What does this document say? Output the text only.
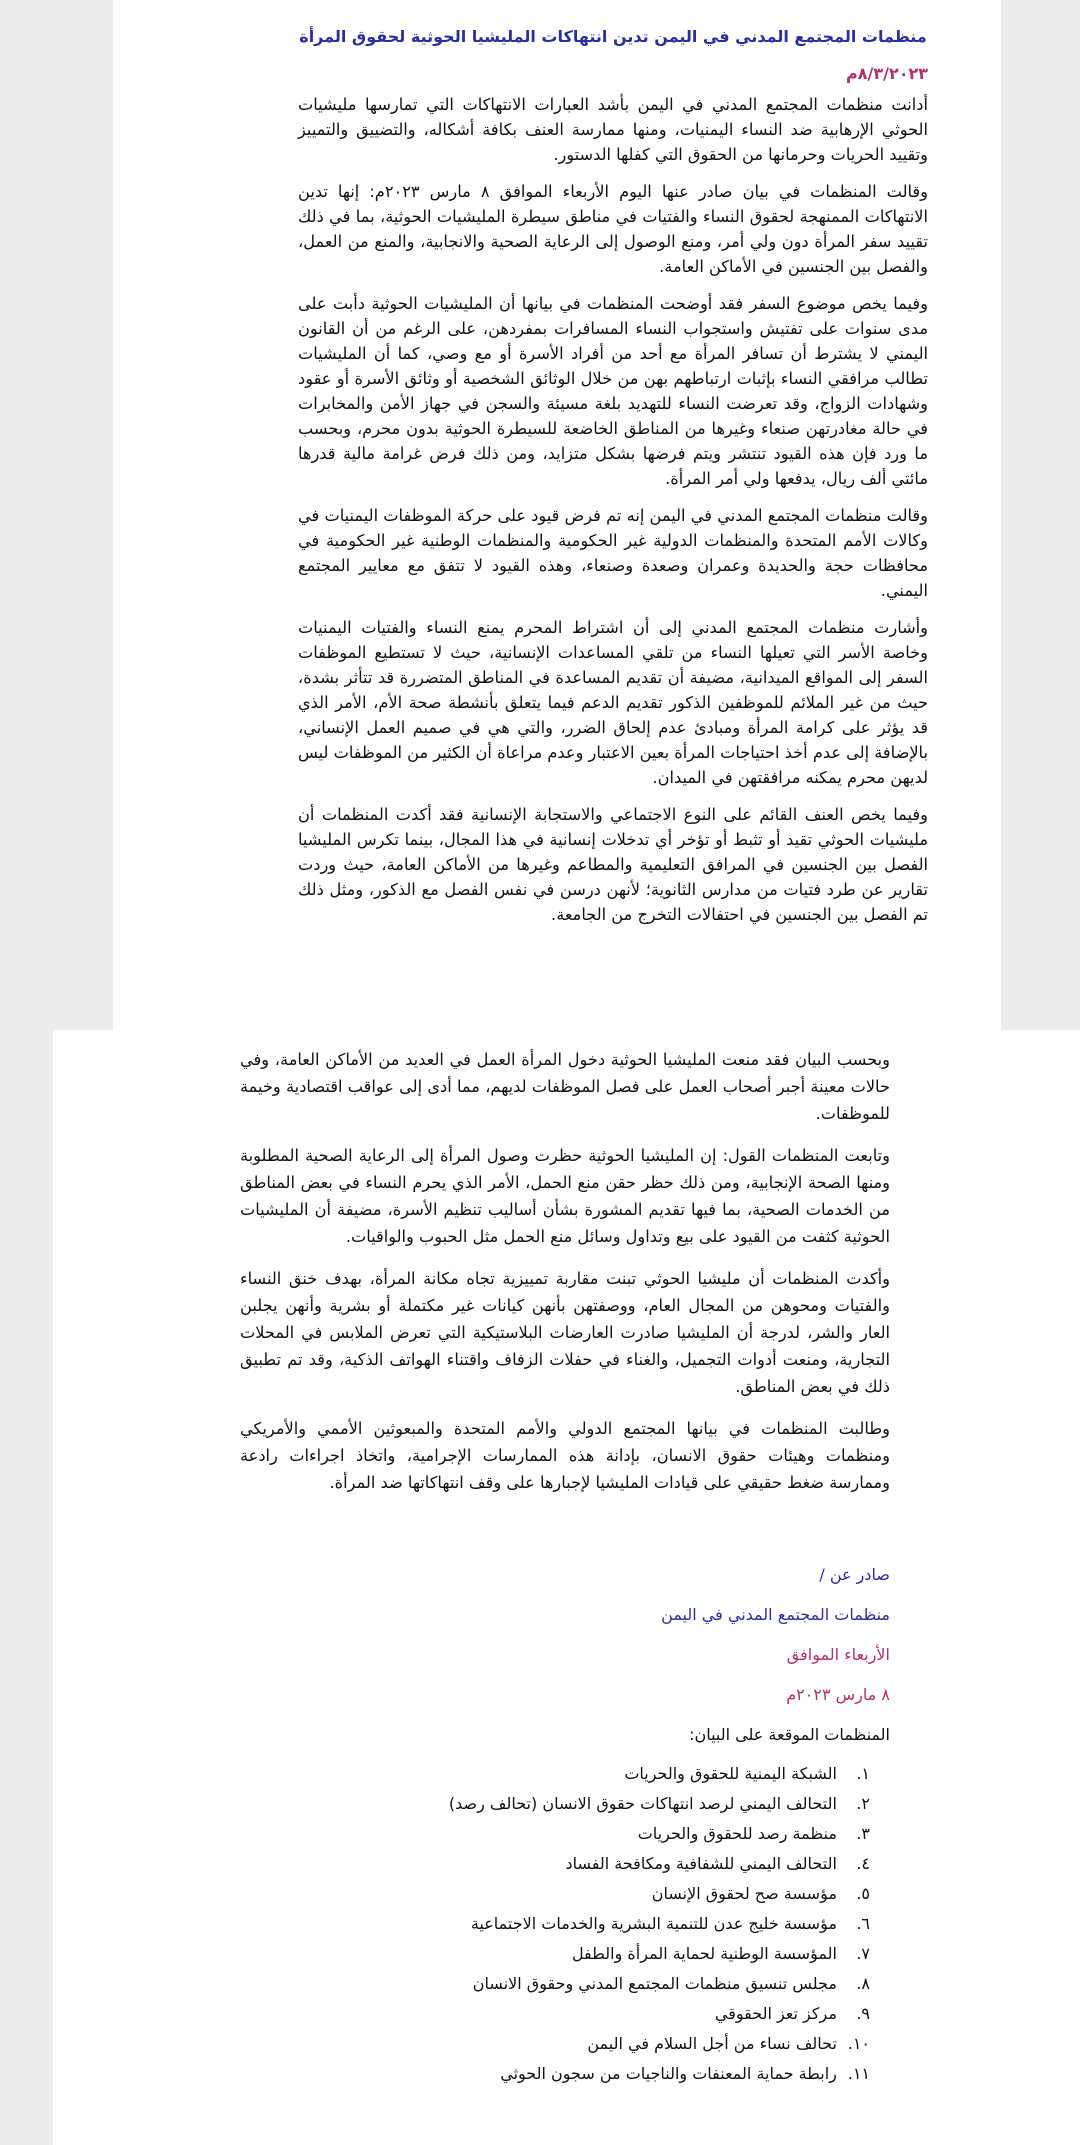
منظمات المجتمع المدني في اليمن تدين انتهاكات المليشيا الحوثية لحقوق المرأة
٨/٣/٢٠٢٣م

أدانت منظمات المجتمع المدني في اليمن بأشد العبارات الانتهاكات التي تمارسها مليشيات الحوثي الإرهابية ضد النساء اليمنيات، ومنها ممارسة العنف بكافة أشكاله، والتضييق والتمييز وتقييد الحريات وحرمانها من الحقوق التي كفلها الدستور.

وقالت المنظمات في بيان صادر عنها اليوم الأربعاء الموافق ٨ مارس ٢٠٢٣م: إنها تدين الانتهاكات الممنهجة لحقوق النساء والفتيات في مناطق سيطرة المليشيات الحوثية، بما في ذلك تقييد سفر المرأة دون ولي أمر، ومنع الوصول إلى الرعاية الصحية والانجابية، والمنع من العمل، والفصل بين الجنسين في الأماكن العامة.

وفيما يخص موضوع السفر فقد أوضحت المنظمات في بيانها أن المليشيات الحوثية دأبت على مدى سنوات على تفتيش واستجواب النساء المسافرات بمفردهن، على الرغم من أن القانون اليمني لا يشترط أن تسافر المرأة مع أحد من أفراد الأسرة أو مع وصي، كما أن المليشيات تطالب مرافقي النساء بإثبات ارتباطهم بهن من خلال الوثائق الشخصية أو وثائق الأسرة أو عقود وشهادات الزواج، وقد تعرضت النساء للتهديد بلغة مسيئة والسجن في جهاز الأمن والمخابرات في حالة مغادرتهن صنعاء وغيرها من المناطق الخاضعة للسيطرة الحوثية بدون محرم، وبحسب ما ورد فإن هذه القيود تنتشر ويتم فرضها بشكل متزايد، ومن ذلك فرض غرامة مالية قدرها مائتي ألف ريال، يدفعها ولي أمر المرأة.

وقالت منظمات المجتمع المدني في اليمن إنه تم فرض قيود على حركة الموظفات اليمنيات في وكالات الأمم المتحدة والمنظمات الدولية غير الحكومية والمنظمات الوطنية غير الحكومية في محافظات حجة والحديدة وعمران وصعدة وصنعاء، وهذه القيود لا تتفق مع معايير المجتمع اليمني.

وأشارت منظمات المجتمع المدني إلى أن اشتراط المحرم يمنع النساء والفتيات اليمنيات وخاصة الأسر التي تعيلها النساء من تلقي المساعدات الإنسانية، حيث لا تستطيع الموظفات السفر إلى المواقع الميدانية، مضيفة أن تقديم المساعدة في المناطق المتضررة قد تتأثر بشدة، حيث من غير الملائم للموظفين الذكور تقديم الدعم فيما يتعلق بأنشطة صحة الأم، الأمر الذي قد يؤثر على كرامة المرأة ومبادئ عدم إلحاق الضرر، والتي هي في صميم العمل الإنساني، بالإضافة إلى عدم أخذ احتياجات المرأة بعين الاعتبار وعدم مراعاة أن الكثير من الموظفات ليس لديهن محرم يمكنه مرافقتهن في الميدان.

وفيما يخص العنف القائم على النوع الاجتماعي والاستجابة الإنسانية فقد أكدت المنظمات أن مليشيات الحوثي تقيد أو تثبط أو تؤخر أي تدخلات إنسانية في هذا المجال، بينما تكرس المليشيا الفصل بين الجنسين في المرافق التعليمية والمطاعم وغيرها من الأماكن العامة، حيث وردت تقارير عن طرد فتيات من مدارس الثانوية؛ لأنهن درسن في نفس الفصل مع الذكور، ومثل ذلك تم الفصل بين الجنسين في احتفالات التخرج من الجامعة.

وبحسب البيان فقد منعت المليشيا الحوثية دخول المرأة العمل في العديد من الأماكن العامة، وفي حالات معينة أجبر أصحاب العمل على فصل الموظفات لديهم، مما أدى إلى عواقب اقتصادية وخيمة للموظفات.

وتابعت المنظمات القول: إن المليشيا الحوثية حظرت وصول المرأة إلى الرعاية الصحية المطلوبة ومنها الصحة الإنجابية، ومن ذلك حظر حقن منع الحمل، الأمر الذي يحرم النساء في بعض المناطق من الخدمات الصحية، بما فيها تقديم المشورة بشأن أساليب تنظيم الأسرة، مضيفة أن المليشيات الحوثية كثفت من القيود على بيع وتداول وسائل منع الحمل مثل الحبوب والواقيات.

وأكدت المنظمات أن مليشيا الحوثي تبنت مقاربة تمييزية تجاه مكانة المرأة، بهدف خنق النساء والفتيات ومحوهن من المجال العام، ووصفتهن بأنهن كيانات غير مكتملة أو بشرية وأنهن يجلبن العار والشر، لدرجة أن المليشيا صادرت العارضات البلاستيكية التي تعرض الملابس في المحلات التجارية، ومنعت أدوات التجميل، والغناء في حفلات الزفاف واقتناء الهواتف الذكية، وقد تم تطبيق ذلك في بعض المناطق.

وطالبت المنظمات في بيانها المجتمع الدولي والأمم المتحدة والمبعوثين الأممي والأمريكي ومنظمات وهيئات حقوق الانسان، بإدانة هذه الممارسات الإجرامية، واتخاذ اجراءات رادعة وممارسة ضغط حقيقي على قيادات المليشيا لإجبارها على وقف انتهاكاتها ضد المرأة.

صادر عن /
منظمات المجتمع المدني في اليمن
الأربعاء الموافق
٨ مارس ٢٠٢٣م
المنظمات الموقعة على البيان:
١. الشبكة اليمنية للحقوق والحريات
٢. التحالف اليمني لرصد انتهاكات حقوق الانسان (تحالف رصد)
٣. منظمة رصد للحقوق والحريات
٤. التحالف اليمني للشفافية ومكافحة الفساد
٥. مؤسسة صح لحقوق الإنسان
٦. مؤسسة خليج عدن للتنمية البشرية والخدمات الاجتماعية
٧. المؤسسة الوطنية لحماية المرأة والطفل
٨. مجلس تنسيق منظمات المجتمع المدني وحقوق الانسان
٩. مركز تعز الحقوقي
١٠. تحالف نساء من أجل السلام في اليمن
١١. رابطة حماية المعنفات والناجيات من سجون الحوثي
